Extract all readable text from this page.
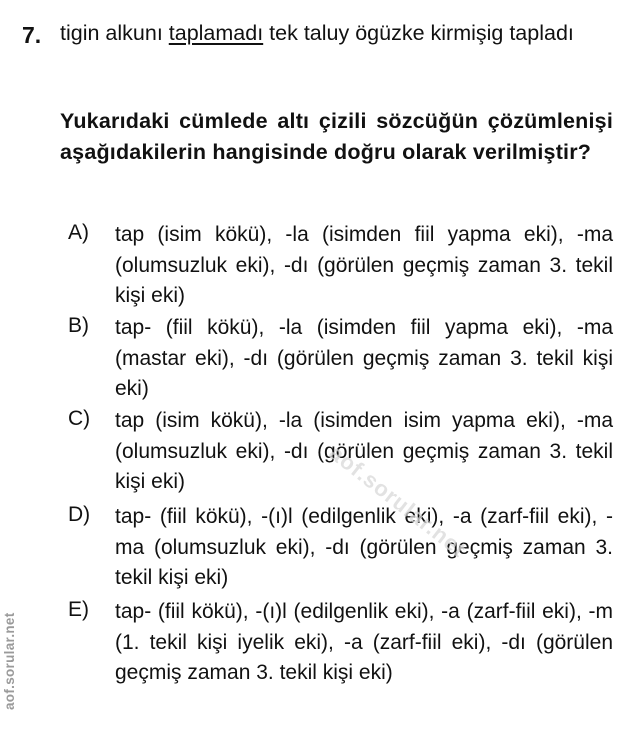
7. tigin alkunı taplamadı tek taluy ögüzke kirmişig tapladı
Yukarıdaki cümlede altı çizili sözcüğün çözümlenişi aşağıdakilerin hangisinde doğru olarak verilmiştir?
A) tap (isim kökü), -la (isimden fiil yapma eki), -ma (olumsuzluk eki), -dı (görülen geçmiş zaman 3. tekil kişi eki)
B) tap- (fiil kökü), -la (isimden fiil yapma eki), -ma (mastar eki), -dı (görülen geçmiş zaman 3. tekil kişi eki)
C) tap (isim kökü), -la (isimden isim yapma eki), -ma (olumsuzluk eki), -dı (görülen geçmiş zaman 3. tekil kişi eki)
D) tap- (fiil kökü), -(ı)l (edilgenlik eki), -a (zarf-fiil eki), -ma (olumsuzluk eki), -dı (görülen geçmiş zaman 3. tekil kişi eki)
E) tap- (fiil kökü), -(ı)l (edilgenlik eki), -a (zarf-fiil eki), -m (1. tekil kişi iyelik eki), -a (zarf-fiil eki), -dı (görülen geçmiş zaman 3. tekil kişi eki)
aof.sorular.net
aof.sorular.net
